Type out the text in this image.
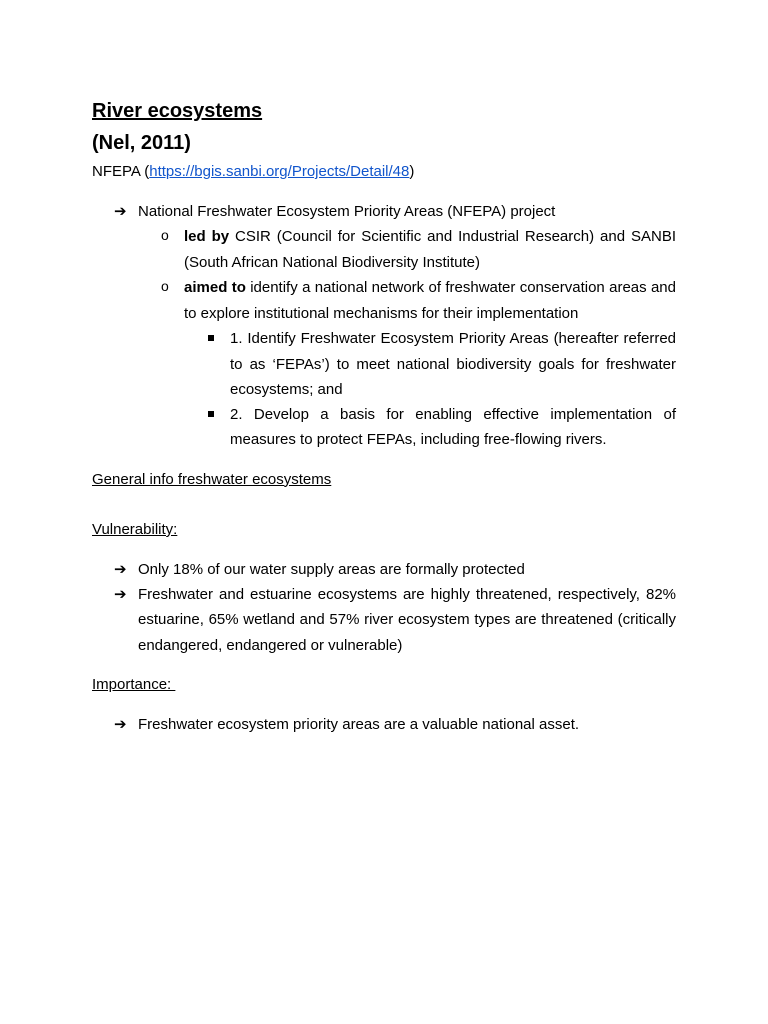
River ecosystems

(Nel, 2011)

NFEPA (https://bgis.sanbi.org/Projects/Detail/48)

➔ National Freshwater Ecosystem Priority Areas (NFEPA) project
o led by CSIR (Council for Scientific and Industrial Research) and SANBI (South African National Biodiversity Institute)
o aimed to identify a national network of freshwater conservation areas and to explore institutional mechanisms for their implementation
1. Identify Freshwater Ecosystem Priority Areas (hereafter referred to as ‘FEPAs’) to meet national biodiversity goals for freshwater ecosystems; and
2. Develop a basis for enabling effective implementation of measures to protect FEPAs, including free-flowing rivers.

General info freshwater ecosystems

Vulnerability:

➔ Only 18% of our water supply areas are formally protected
➔ Freshwater and estuarine ecosystems are highly threatened, respectively, 82% estuarine, 65% wetland and 57% river ecosystem types are threatened (critically endangered, endangered or vulnerable)

Importance:

➔ Freshwater ecosystem priority areas are a valuable national asset.
